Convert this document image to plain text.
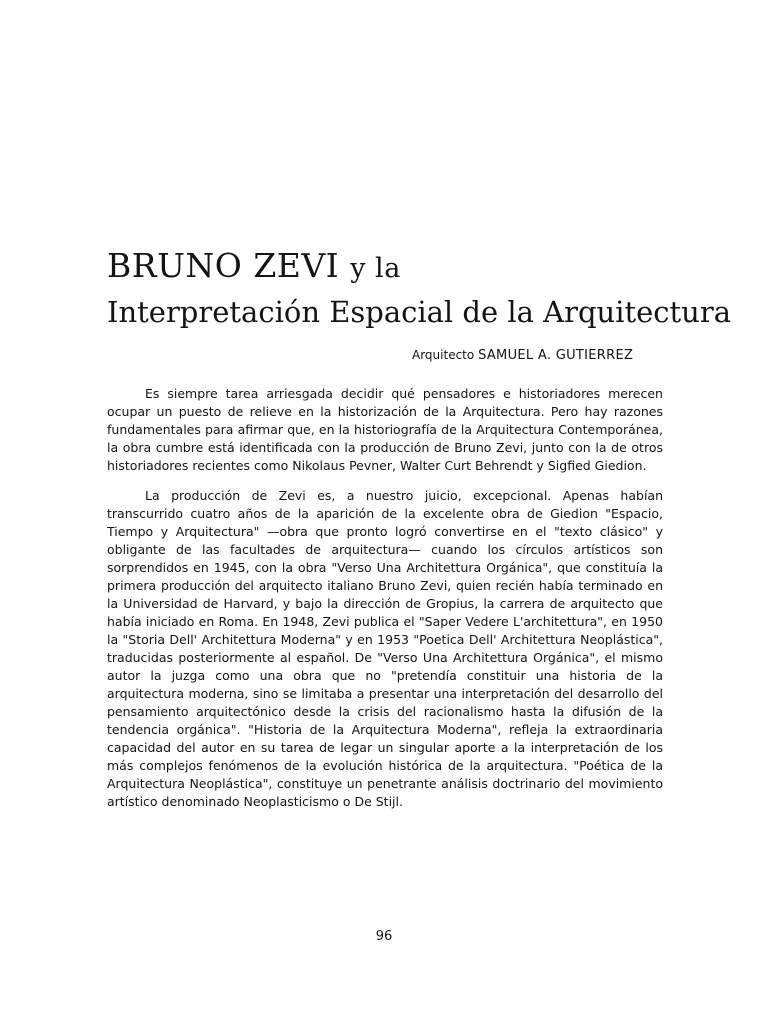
BRUNO ZEVI y la
Interpretación Espacial de la Arquitectura
Arquitecto SAMUEL A. GUTIERREZ

Es siempre tarea arriesgada decidir qué pensadores e historiadores merecen ocupar un puesto de relieve en la historización de la Arquitectura. Pero hay razones fundamentales para afirmar que, en la historiografía de la Arquitectura Contemporánea, la obra cumbre está identificada con la producción de Bruno Zevi, junto con la de otros historiadores recientes como Nikolaus Pevner, Walter Curt Behrendt y Sigfied Giedion.

La producción de Zevi es, a nuestro juicio, excepcional. Apenas habían transcurrido cuatro años de la aparición de la excelente obra de Giedion "Espacio, Tiempo y Arquitectura" —obra que pronto logró convertirse en el "texto clásico" y obligante de las facultades de arquitectura— cuando los círculos artísticos son sorprendidos en 1945, con la obra "Verso Una Architettura Orgánica", que constituía la primera producción del arquitecto italiano Bruno Zevi, quien recién había terminado en la Universidad de Harvard, y bajo la dirección de Gropius, la carrera de arquitecto que había iniciado en Roma. En 1948, Zevi publica el "Saper Vedere L'architettura", en 1950 la "Storia Dell' Architettura Moderna" y en 1953 "Poetica Dell' Architettura Neoplástica", traducidas posteriormente al español. De "Verso Una Architettura Orgánica", el mismo autor la juzga como una obra que no "pretendía constituir una historia de la arquitectura moderna, sino se limitaba a presentar una interpretación del desarrollo del pensamiento arquitectónico desde la crisis del racionalismo hasta la difusión de la tendencia orgánica". "Historia de la Arquitectura Moderna", refleja la extraordinaria capacidad del autor en su tarea de legar un singular aporte a la interpretación de los más complejos fenómenos de la evolución histórica de la arquitectura. "Poética de la Arquitectura Neoplástica", constituye un penetrante análisis doctrinario del movimiento artístico denominado Neoplasticismo o De Stijl.

96
